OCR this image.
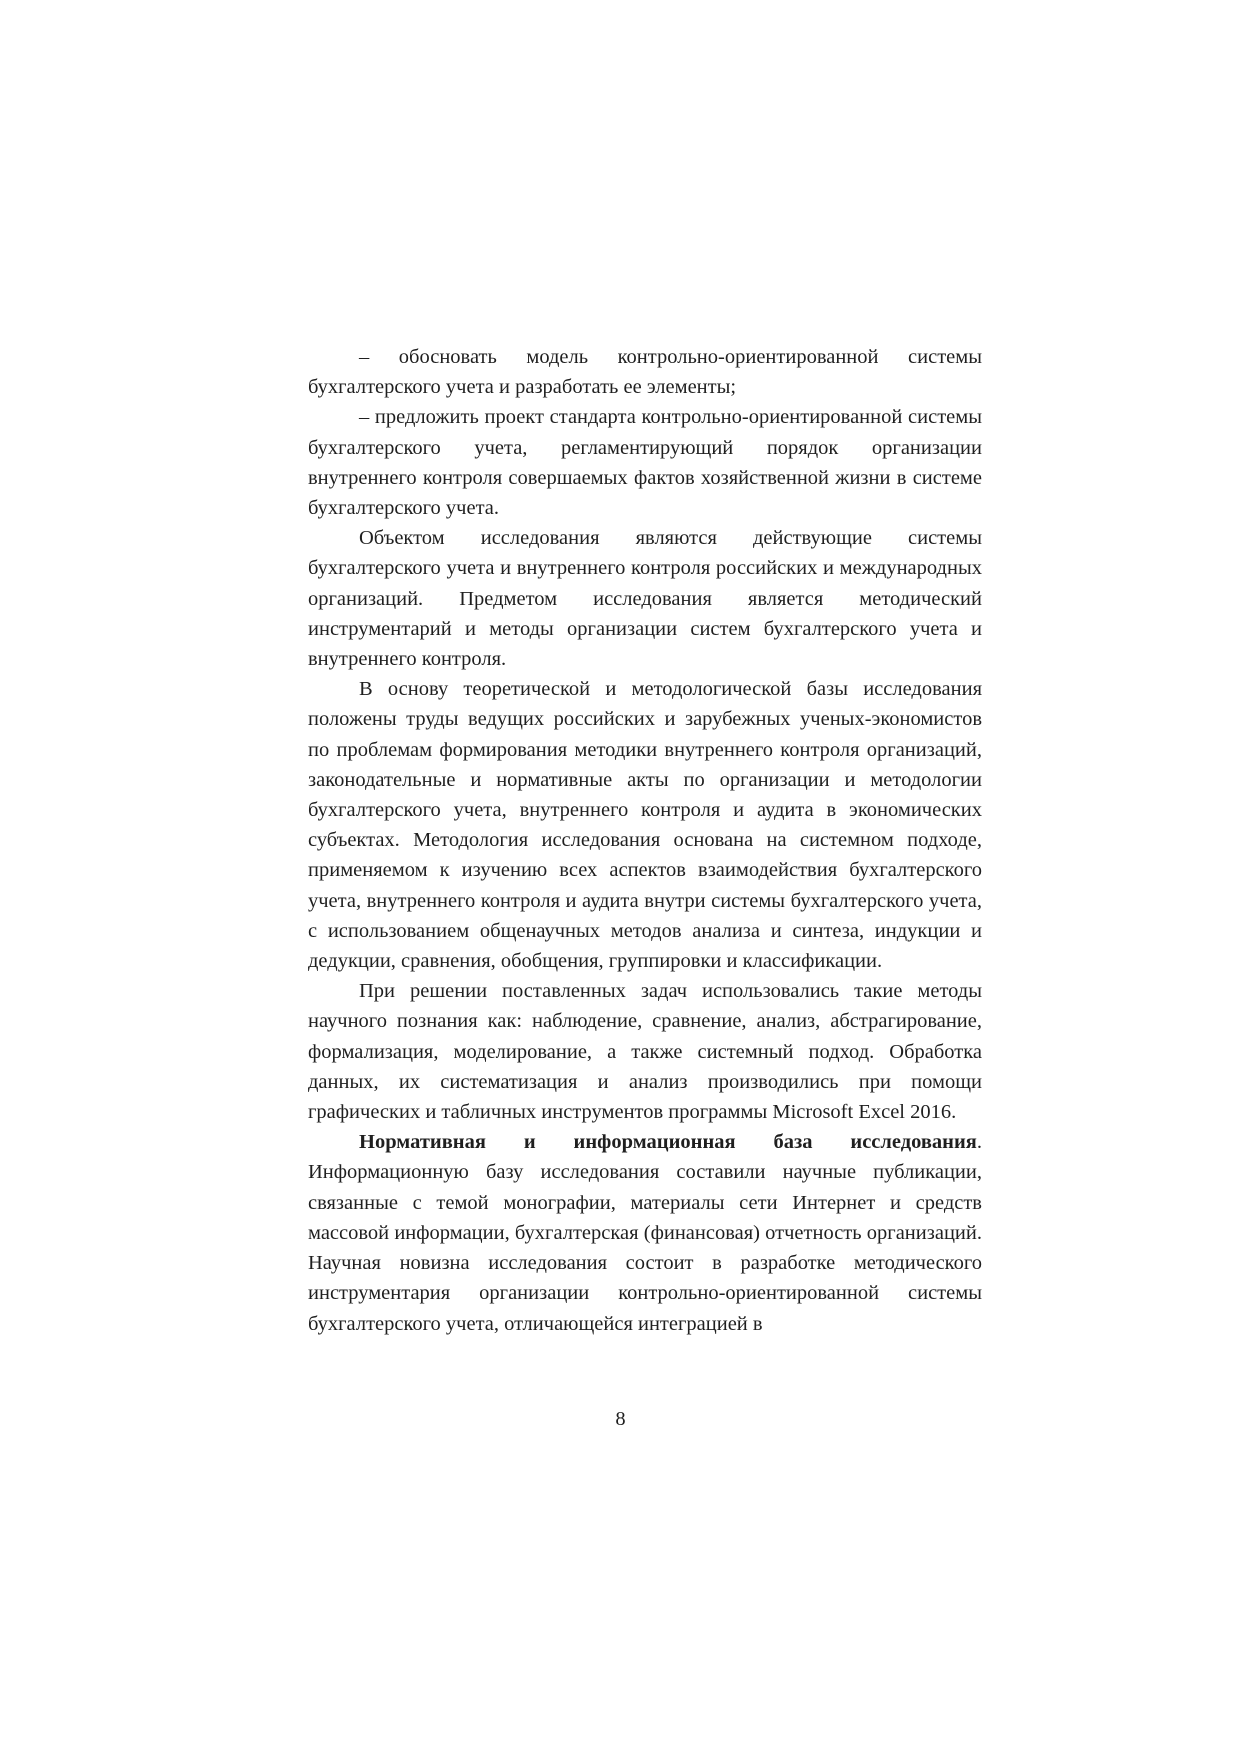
– обосновать модель контрольно-ориентированной системы бухгалтерского учета и разработать ее элементы;

– предложить проект стандарта контрольно-ориентированной системы бухгалтерского учета, регламентирующий порядок организации внутреннего контроля совершаемых фактов хозяйственной жизни в системе бухгалтерского учета.

Объектом исследования являются действующие системы бухгалтерского учета и внутреннего контроля российских и международных организаций. Предметом исследования является методический инструментарий и методы организации систем бухгалтерского учета и внутреннего контроля.

В основу теоретической и методологической базы исследования положены труды ведущих российских и зарубежных ученых-экономистов по проблемам формирования методики внутреннего контроля организаций, законодательные и нормативные акты по организации и методологии бухгалтерского учета, внутреннего контроля и аудита в экономических субъектах. Методология исследования основана на системном подходе, применяемом к изучению всех аспектов взаимодействия бухгалтерского учета, внутреннего контроля и аудита внутри системы бухгалтерского учета, с использованием общенаучных методов анализа и синтеза, индукции и дедукции, сравнения, обобщения, группировки и классификации.

При решении поставленных задач использовались такие методы научного познания как: наблюдение, сравнение, анализ, абстрагирование, формализация, моделирование, а также системный подход. Обработка данных, их систематизация и анализ производились при помощи графических и табличных инструментов программы Microsoft Excel 2016.

Нормативная и информационная база исследования. Информационную базу исследования составили научные публикации, связанные с темой монографии, материалы сети Интернет и средств массовой информации, бухгалтерская (финансовая) отчетность организаций. Научная новизна исследования состоит в разработке методического инструментария организации контрольно-ориентированной системы бухгалтерского учета, отличающейся интеграцией в

8
